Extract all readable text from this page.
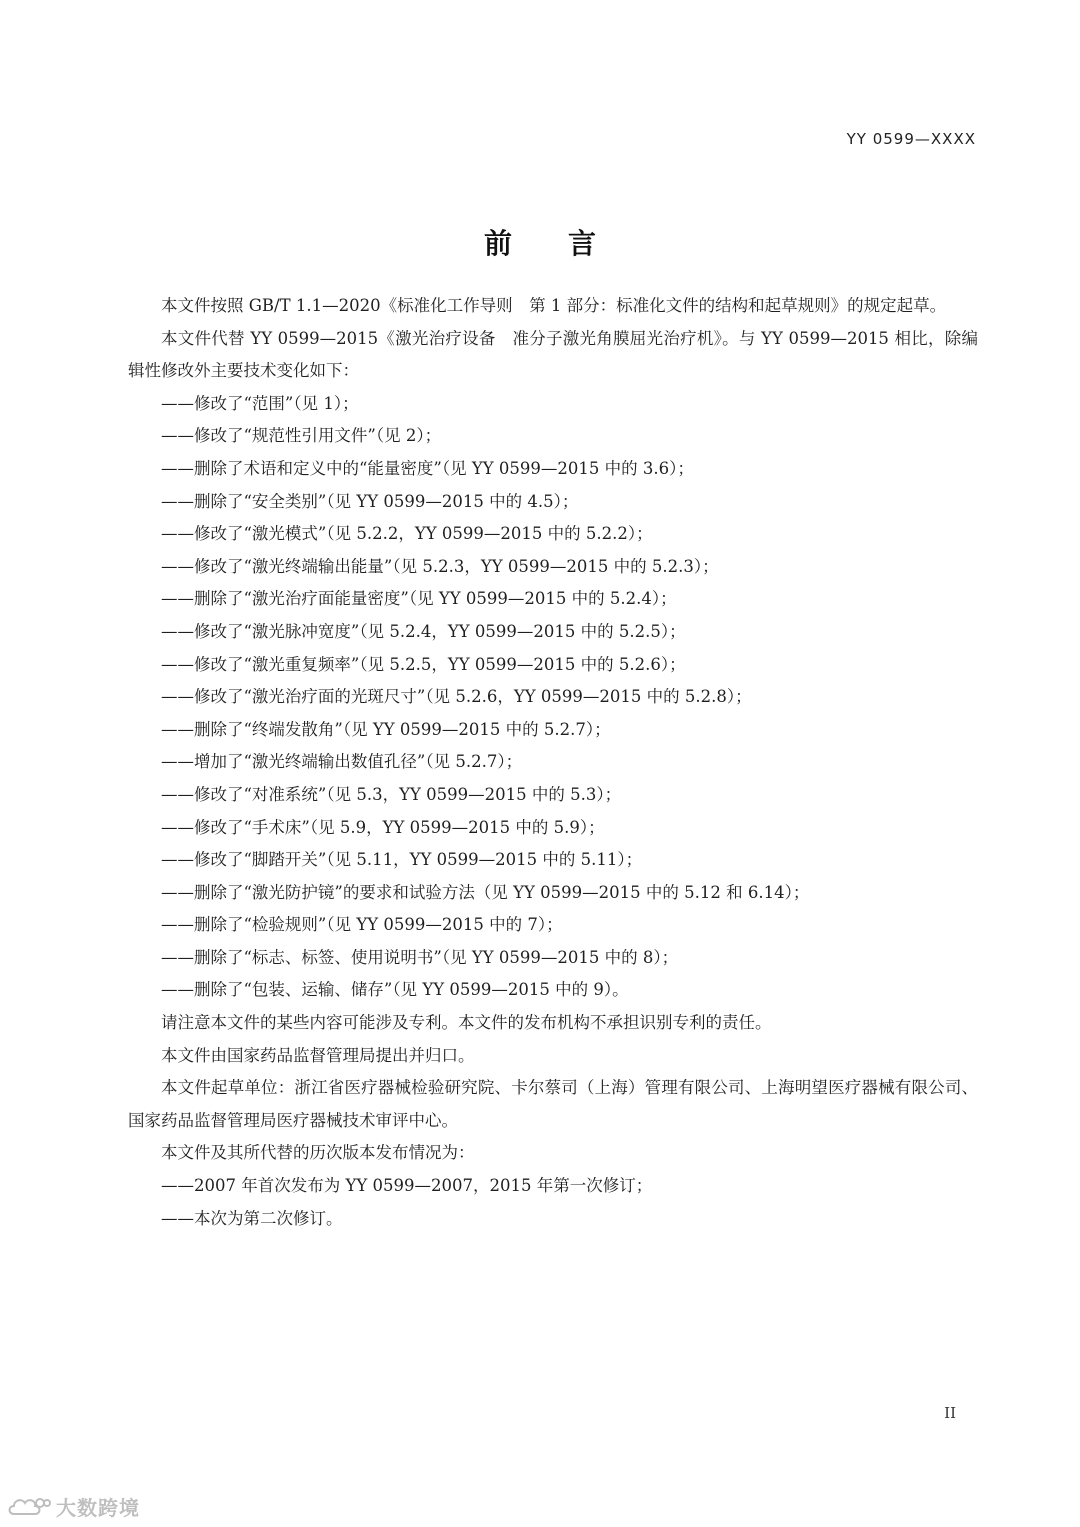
YY 0599—XXXX
前言

本文件按照 GB/T 1.1—2020《标准化工作导则　第 1 部分：标准化文件的结构和起草规则》的规定起草。

本文件代替 YY 0599—2015《激光治疗设备　准分子激光角膜屈光治疗机》。与 YY 0599—2015 相比，除编辑性修改外主要技术变化如下：

——修改了“范围”（见 1）；

——修改了“规范性引用文件”（见 2）；

——删除了术语和定义中的“能量密度”（见 YY 0599—2015 中的 3.6）；

——删除了“安全类别”（见 YY 0599—2015 中的 4.5）；

——修改了“激光模式”（见 5.2.2，YY 0599—2015 中的 5.2.2）；

——修改了“激光终端输出能量”（见 5.2.3，YY 0599—2015 中的 5.2.3）；

——删除了“激光治疗面能量密度”（见 YY 0599—2015 中的 5.2.4）；

——修改了“激光脉冲宽度”（见 5.2.4，YY 0599—2015 中的 5.2.5）；

——修改了“激光重复频率”（见 5.2.5，YY 0599—2015 中的 5.2.6）；

——修改了“激光治疗面的光斑尺寸”（见 5.2.6，YY 0599—2015 中的 5.2.8）；

——删除了“终端发散角”（见 YY 0599—2015 中的 5.2.7）；

——增加了“激光终端输出数值孔径”（见 5.2.7）；

——修改了“对准系统”（见 5.3，YY 0599—2015 中的 5.3）；

——修改了“手术床”（见 5.9，YY 0599—2015 中的 5.9）；

——修改了“脚踏开关”（见 5.11，YY 0599—2015 中的 5.11）；

——删除了“激光防护镜”的要求和试验方法（见 YY 0599—2015 中的 5.12 和 6.14）；

——删除了“检验规则”（见 YY 0599—2015 中的 7）；

——删除了“标志、标签、使用说明书”（见 YY 0599—2015 中的 8）；

——删除了“包装、运输、储存”（见 YY 0599—2015 中的 9）。

请注意本文件的某些内容可能涉及专利。本文件的发布机构不承担识别专利的责任。

本文件由国家药品监督管理局提出并归口。

本文件起草单位：浙江省医疗器械检验研究院、卡尔蔡司（上海）管理有限公司、上海明望医疗器械有限公司、国家药品监督管理局医疗器械技术审评中心。

本文件及其所代替的历次版本发布情况为：

——2007 年首次发布为 YY 0599—2007，2015 年第一次修订；

——本次为第二次修订。

II
大数跨境
